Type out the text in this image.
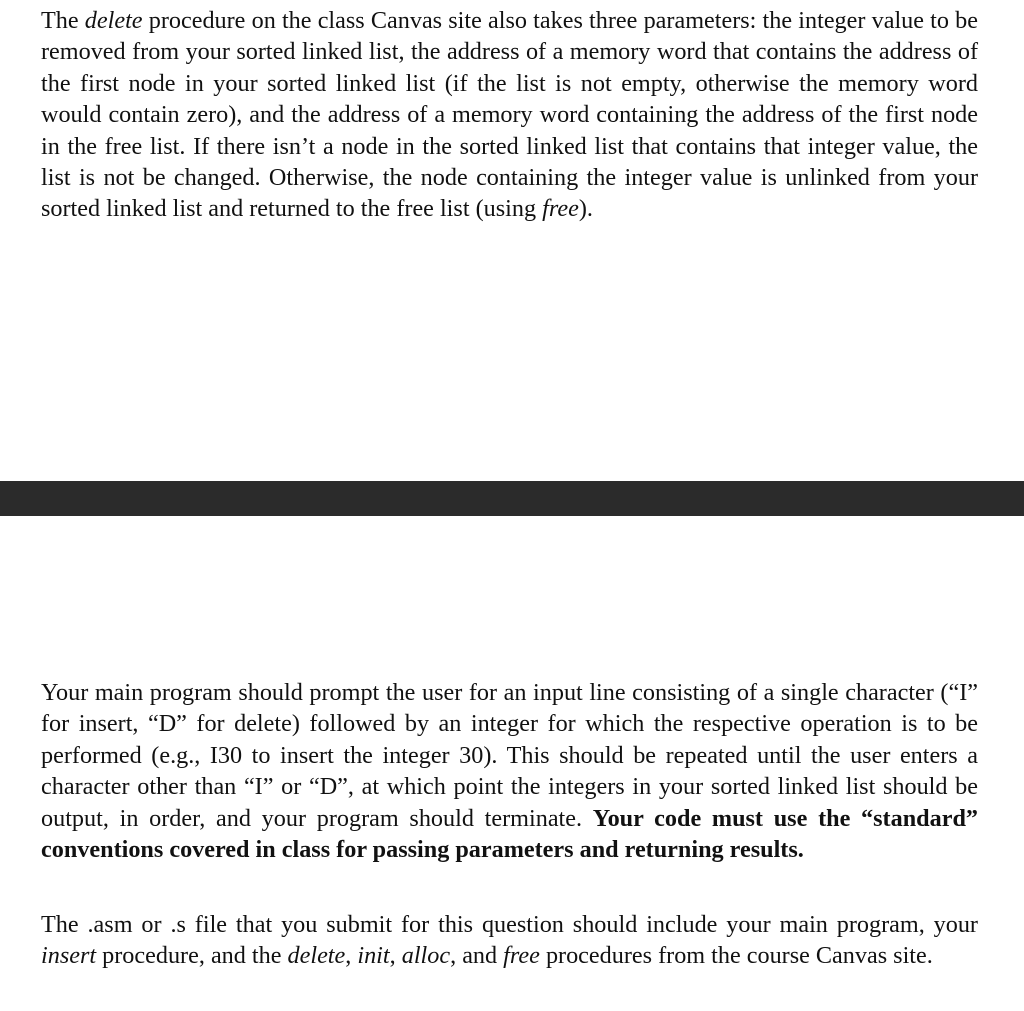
The delete procedure on the class Canvas site also takes three parameters: the integer value to be removed from your sorted linked list, the address of a memory word that contains the address of the first node in your sorted linked list (if the list is not empty, otherwise the memory word would contain zero), and the address of a memory word containing the address of the first node in the free list. If there isn’t a node in the sorted linked list that contains that integer value, the list is not be changed. Otherwise, the node containing the integer value is unlinked from your sorted linked list and returned to the free list (using free).

Your main program should prompt the user for an input line consisting of a single character (“I” for insert, “D” for delete) followed by an integer for which the respective operation is to be performed (e.g., I30 to insert the integer 30). This should be repeated until the user enters a character other than “I” or “D”, at which point the integers in your sorted linked list should be output, in order, and your program should terminate. Your code must use the “standard” conventions covered in class for passing parameters and returning results.

The .asm or .s file that you submit for this question should include your main program, your insert procedure, and the delete, init, alloc, and free procedures from the course Canvas site.
